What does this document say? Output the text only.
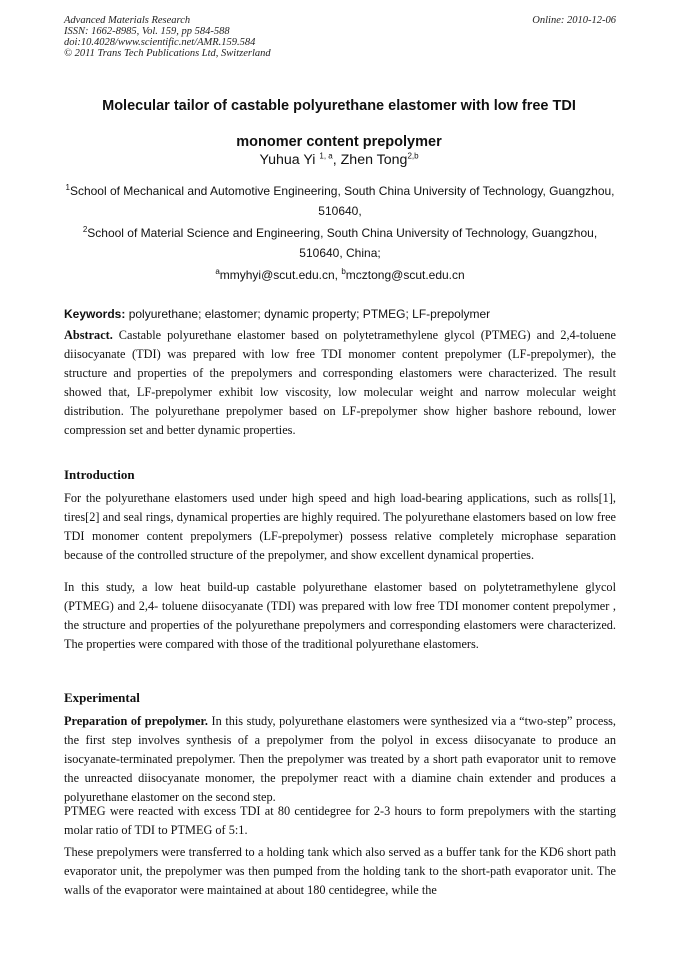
Advanced Materials Research
ISSN: 1662-8985, Vol. 159, pp 584-588
doi:10.4028/www.scientific.net/AMR.159.584
© 2011 Trans Tech Publications Ltd, Switzerland
Online: 2010-12-06
Molecular tailor of castable polyurethane elastomer with low free TDI
monomer content prepolymer
Yuhua Yi $^{1, a}$, Zhen Tong$^{2,b}$
$^1$School of Mechanical and Automotive Engineering, South China University of Technology, Guangzhou, 510640,
$^2$School of Material Science and Engineering, South China University of Technology, Guangzhou, 510640, China;
$^a$mmyhyi@scut.edu.cn, $^b$mcztong@scut.edu.cn
Keywords: polyurethane; elastomer; dynamic property; PTMEG; LF-prepolymer

Abstract. Castable polyurethane elastomer based on polytetramethylene glycol (PTMEG) and 2,4-toluene diisocyanate (TDI) was prepared with low free TDI monomer content prepolymer (LF-prepolymer), the structure and properties of the prepolymers and corresponding elastomers were characterized. The result showed that, LF-prepolymer exhibit low viscosity, low molecular weight and narrow molecular weight distribution. The polyurethane prepolymer based on LF-prepolymer show higher bashore rebound, lower compression set and better dynamic properties.

Introduction

For the polyurethane elastomers used under high speed and high load-bearing applications, such as rolls[1], tires[2] and seal rings, dynamical properties are highly required. The polyurethane elastomers based on low free TDI monomer content prepolymers (LF-prepolymer) possess relative completely microphase separation because of the controlled structure of the prepolymer, and show excellent dynamical properties.

In this study, a low heat build-up castable polyurethane elastomer based on polytetramethylene glycol (PTMEG) and 2,4- toluene diisocyanate (TDI) was prepared with low free TDI monomer content prepolymer , the structure and properties of the polyurethane prepolymers and corresponding elastomers were characterized. The properties were compared with those of the traditional polyurethane elastomers.

Experimental

Preparation of prepolymer. In this study, polyurethane elastomers were synthesized via a “two-step” process, the first step involves synthesis of a prepolymer from the polyol in excess diisocyanate to produce an isocyanate-terminated prepolymer. Then the prepolymer was treated by a short path evaporator unit to remove the unreacted diisocyanate monomer, the prepolymer react with a diamine chain extender and produces a polyurethane elastomer on the second step.

PTMEG were reacted with excess TDI at 80 centidegree for 2-3 hours to form prepolymers with the starting molar ratio of TDI to PTMEG of 5:1.

These prepolymers were transferred to a holding tank which also served as a buffer tank for the KD6 short path evaporator unit, the prepolymer was then pumped from the holding tank to the short-path evaporator unit. The walls of the evaporator were maintained at about 180 centidegree, while the
